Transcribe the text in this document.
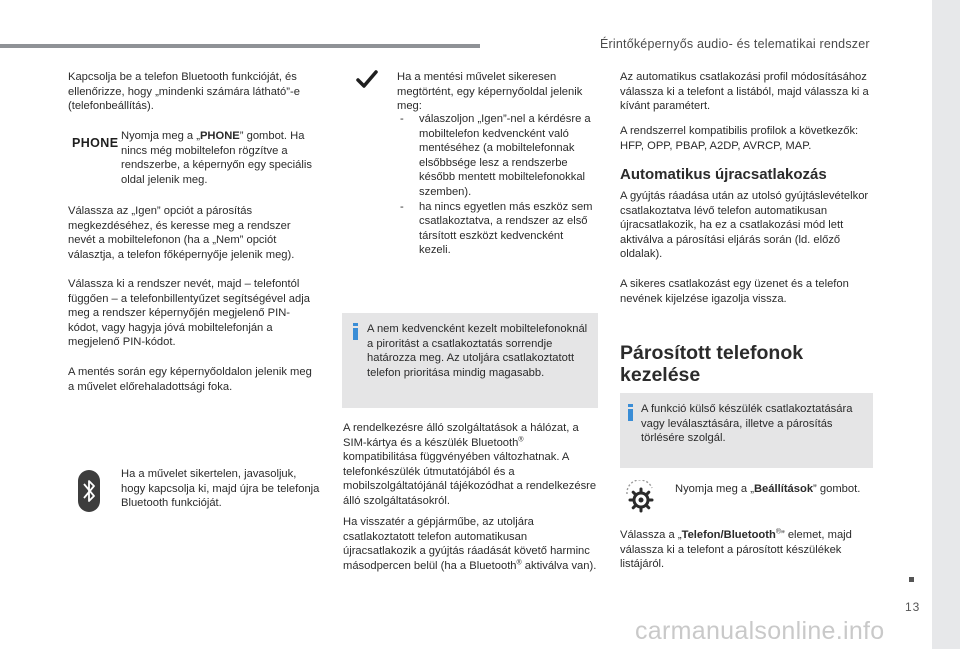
Érintőképernyős audio- és telematikai rendszer
Kapcsolja be a telefon Bluetooth funkcióját, és ellenőrizze, hogy „mindenki számára látható”-e (telefonbeállítás).
PHONE Nyomja meg a „PHONE” gombot. Ha nincs még mobiltelefon rögzítve a rendszerbe, a képernyőn egy speciális oldal jelenik meg.
Válassza az „Igen” opciót a párosítás megkezdéséhez, és keresse meg a rendszer nevét a mobiltelefonon (ha a „Nem” opciót választja, a telefon főképernyője jelenik meg).
Válassza ki a rendszer nevét, majd – telefontól függően – a telefonbillentyűzet segítségével adja meg a rendszer képernyőjén megjelenő PIN-kódot, vagy hagyja jóvá mobiltelefonján a megjelenő PIN-kódot.
A mentés során egy képernyőoldalon jelenik meg a művelet előrehaladottsági foka.
Ha a művelet sikertelen, javasoljuk, hogy kapcsolja ki, majd újra be telefonja Bluetooth funkcióját.
Ha a mentési művelet sikeresen megtörtént, egy képernyőoldal jelenik meg:
- válaszoljon „Igen”-nel a kérdésre a mobiltelefon kedvencként való mentéséhez (a mobiltelefonnak elsőbbsége lesz a rendszerbe később mentett mobiltelefonokkal szemben).
- ha nincs egyetlen más eszköz sem csatlakoztatva, a rendszer az első társított eszközt kedvencként kezeli.
A nem kedvencként kezelt mobiltelefonoknál a piroritást a csatlakoztatás sorrendje határozza meg. Az utoljára csatlakoztatott telefon prioritása mindig magasabb.
A rendelkezésre álló szolgáltatások a hálózat, a SIM-kártya és a készülék Bluetooth® kompatibilitása függvényében változhatnak. A telefonkészülék útmutatójából és a mobilszolgáltatójánál tájékozódhat a rendelkezésre álló szolgáltatásokról.
Ha visszatér a gépjárműbe, az utoljára csatlakoztatott telefon automatikusan újracsatlakozik a gyújtás ráadását követő harminc másodpercen belül (ha a Bluetooth® aktiválva van).
Az automatikus csatlakozási profil módosításához válassza ki a telefont a listából, majd válassza ki a kívánt paramétert.
A rendszerrel kompatibilis profilok a következők: HFP, OPP, PBAP, A2DP, AVRCP, MAP.
Automatikus újracsatlakozás
A gyújtás ráadása után az utolsó gyújtáslevételkor csatlakoztatva lévő telefon automatikusan újracsatlakozik, ha ez a csatlakozási mód lett aktiválva a párosítási eljárás során (ld. előző oldalak).
A sikeres csatlakozást egy üzenet és a telefon nevének kijelzése igazolja vissza.
Párosított telefonok
kezelése
A funkció külső készülék csatlakoztatására vagy leválasztására, illetve a párosítás törlésére szolgál.
Nyomja meg a „Beállítások” gombot.
Válassza a „Telefon/Bluetooth®” elemet, majd válassza ki a telefont a párosított készülékek listájáról.
13
carmanualsonline.info
